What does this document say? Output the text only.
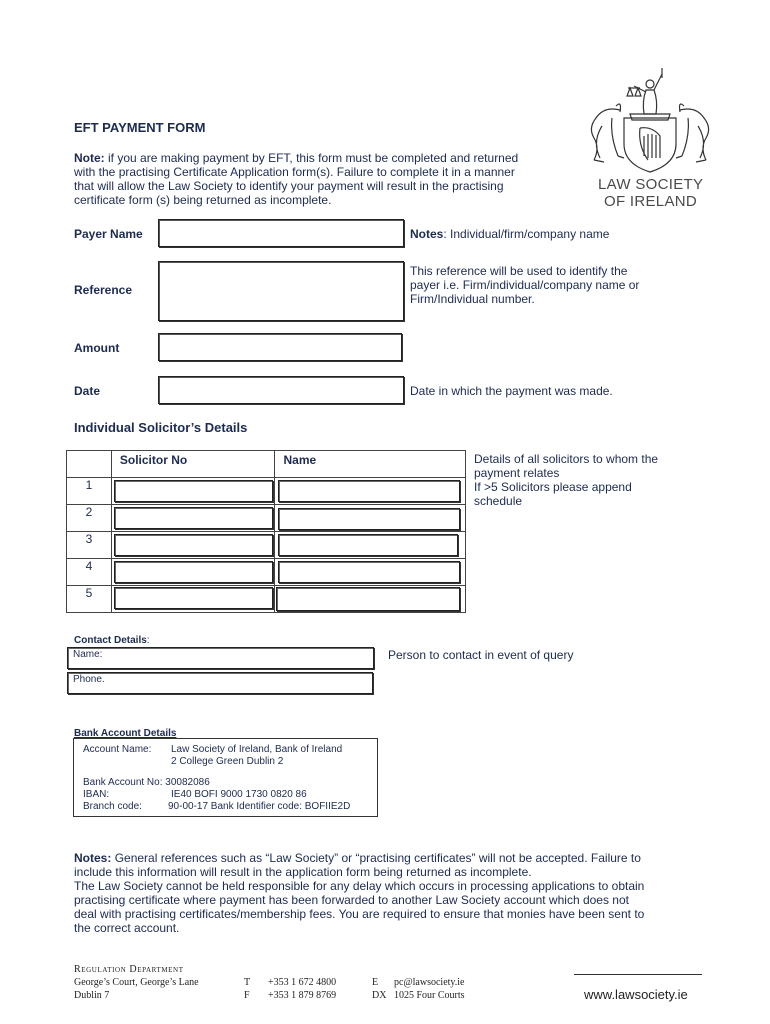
EFT PAYMENT FORM
Note: if you are making payment by EFT, this form must be completed and returned
with the practising Certificate Application form(s). Failure to complete it in a manner
that will allow the Law Society to identify your payment will result in the practising
certificate form (s) being returned as incomplete.
LAW SOCIETY
OF IRELAND
Payer Name	Notes: Individual/firm/company name
Reference
This reference will be used to identify the
payer i.e. Firm/individual/company name or
Firm/Individual number.
Amount
Date	Date in which the payment was made.
Individual Solicitor’s Details
	Solicitor No	Name
1		
2		
3		
4		
5		
Details of all solicitors to whom the
payment relates
If >5 Solicitors please append
schedule
Contact Details:
Name:
Phone.
Person to contact in event of query
Bank Account Details
Account Name: Law Society of Ireland, Bank of Ireland
2 College Green Dublin 2
Bank Account No: 30082086
IBAN:	IE40 BOFI 9000 1730 0820 86
Branch code:	90-00-17 Bank Identifier code: BOFIIE2D
Notes: General references such as “Law Society” or “practising certificates” will not be accepted. Failure to
include this information will result in the application form being returned as incomplete.
The Law Society cannot be held responsible for any delay which occurs in processing applications to obtain
practising certificate where payment has been forwarded to another Law Society account which does not
deal with practising certificates/membership fees. You are required to ensure that monies have been sent to
the correct account.
Regulation Department
George’s Court, George’s Lane
Dublin 7
T +353 1 672 4800
F +353 1 879 8769
E pc@lawsociety.ie
DX 1025 Four Courts	www.lawsociety.ie
